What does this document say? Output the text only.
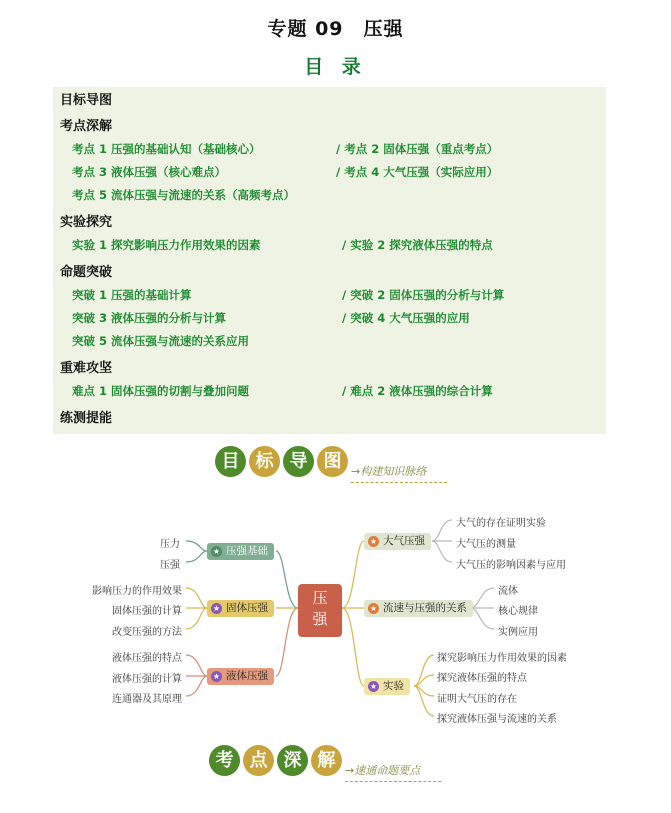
专题 09　压强
目 录
目标导图
考点深解
考点 1 压强的基础认知（基础核心）	/ 考点 2 固体压强（重点考点）
考点 3 液体压强（核心难点）	/ 考点 4 大气压强（实际应用）
考点 5 流体压强与流速的关系（高频考点）
实验探究
实验 1 探究影响压力作用效果的因素	/ 实验 2 探究液体压强的特点
命题突破
突破 1 压强的基础计算	/ 突破 2 固体压强的分析与计算
突破 3 液体压强的分析与计算	/ 突破 4 大气压强的应用
突破 5 流体压强与流速的关系应用
重难攻坚
难点 1 固体压强的切割与叠加问题	/ 难点 2 液体压强的综合计算
练测提能
目 标 导 图 →构建知识脉络
压强
★ 压强基础
★ 固体压强
★ 液体压强
★ 大气压强
★ 流速与压强的关系
★ 实验
压力
压强
影响压力的作用效果
固体压强的计算
改变压强的方法
液体压强的特点
液体压强的计算
连通器及其原理
大气的存在证明实验
大气压的测量
大气压的影响因素与应用
流体
核心规律
实例应用
探究影响压力作用效果的因素
探究液体压强的特点
证明大气压的存在
探究液体压强与流速的关系
考 点 深 解 →速通命题要点
